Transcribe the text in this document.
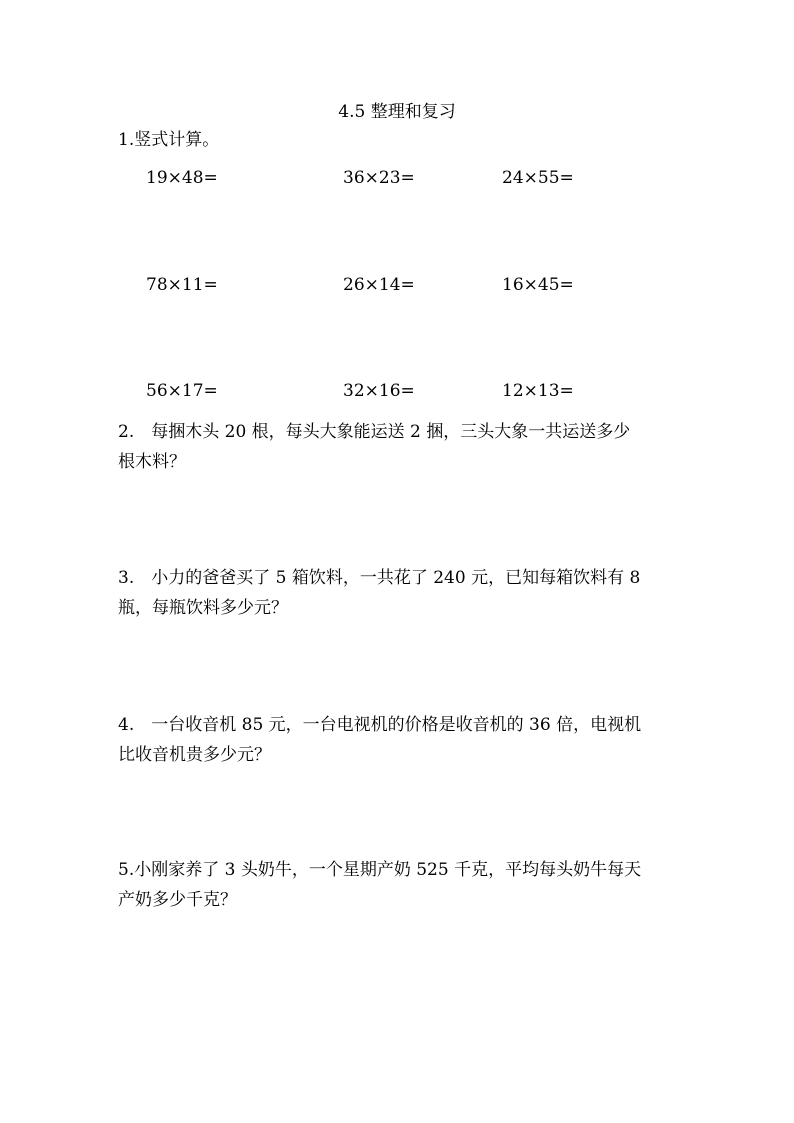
4.5 整理和复习
1.竖式计算。
19×48=	36×23=	24×55=
78×11=	26×14=	16×45=
56×17=	32×16=	12×13=
2.　每捆木头 20 根，每头大象能运送 2 捆，三头大象一共运送多少
根木料？
3.　小力的爸爸买了 5 箱饮料，一共花了 240 元，已知每箱饮料有 8
瓶，每瓶饮料多少元？
4.　一台收音机 85 元，一台电视机的价格是收音机的 36 倍，电视机
比收音机贵多少元？
5.小刚家养了 3 头奶牛，一个星期产奶 525 千克，平均每头奶牛每天
产奶多少千克？
